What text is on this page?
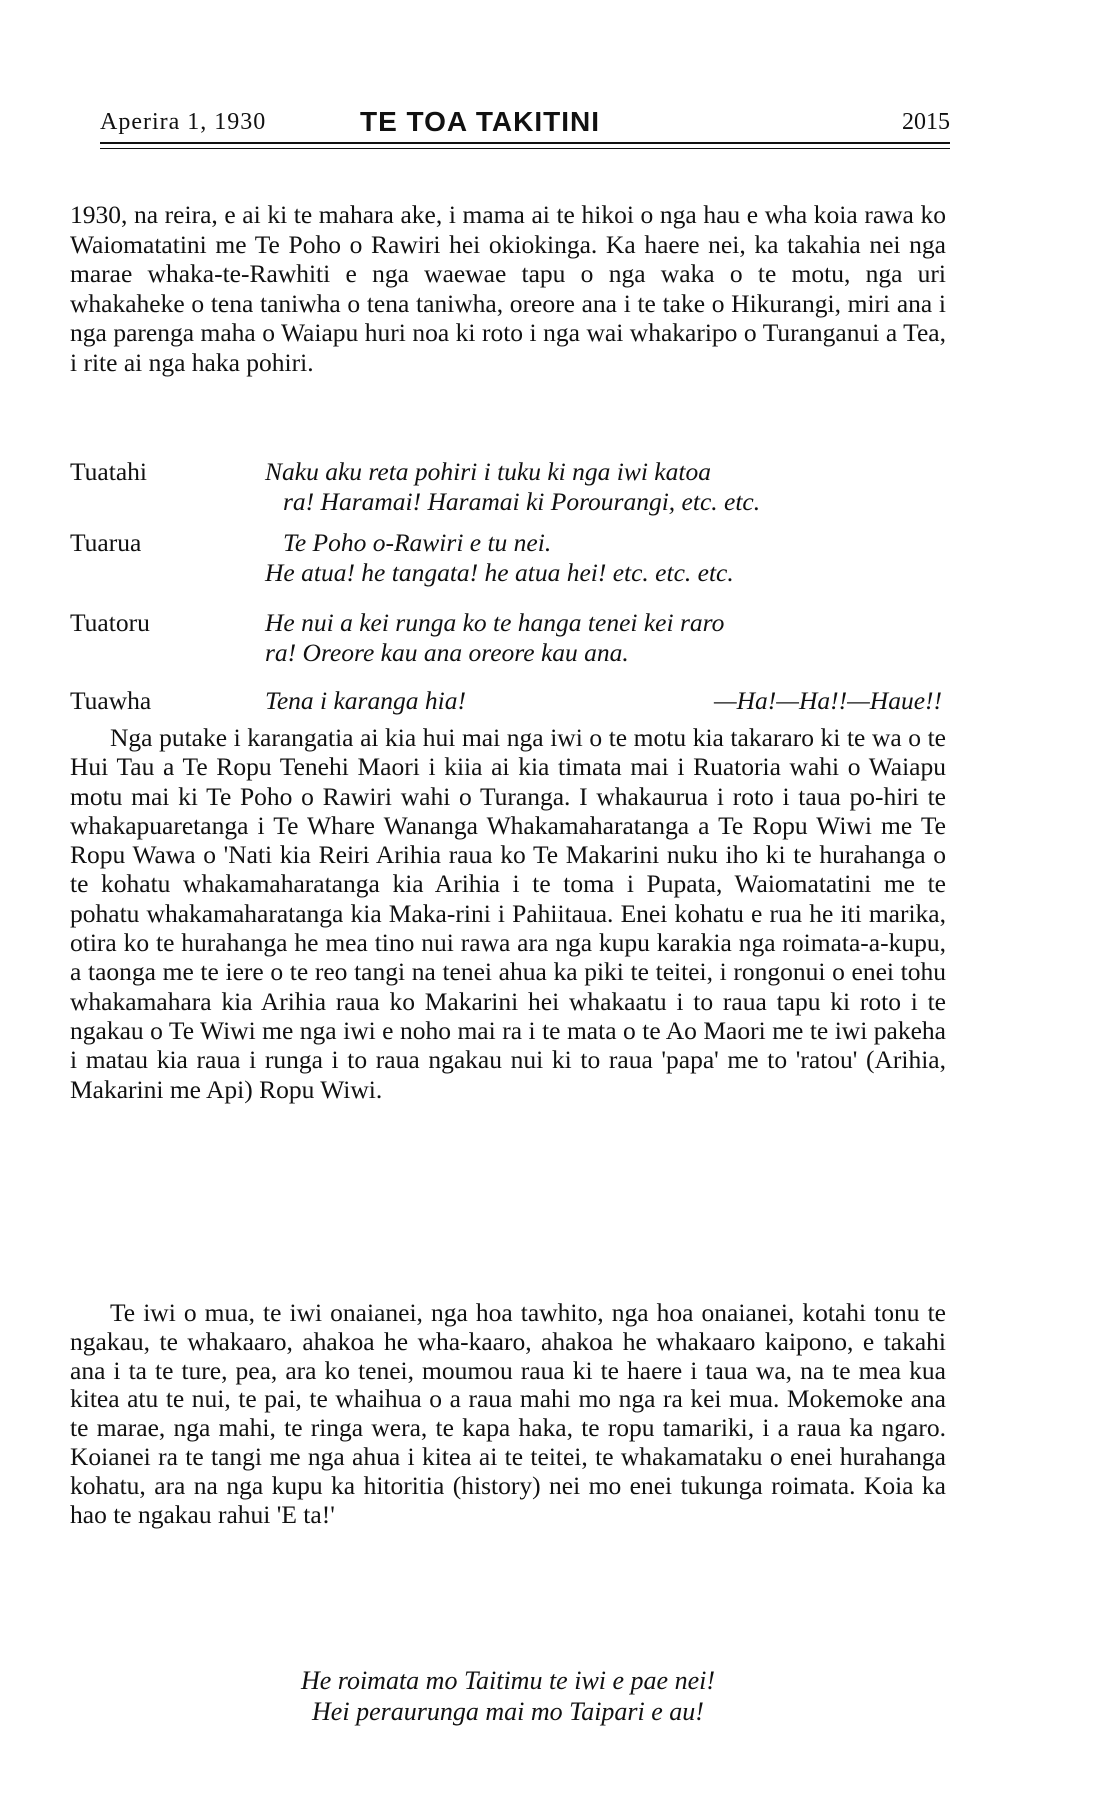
Aperira 1, 1930	TE TOA TAKITINI	2015
1930, na reira, e ai ki te mahara ake, i mama ai te hikoi o nga hau e wha koia rawa ko Waiomatatini me Te Poho o Rawiri hei okiokinga. Ka haere nei, ka takahia nei nga marae whaka-te-Rawhiti e nga waewae tapu o nga waka o te motu, nga uri whakaheke o tena taniwha o tena taniwha, oreore ana i te take o Hikurangi, miri ana i nga parenga maha o Waiapu huri noa ki roto i nga wai whakaripo o Turanganui a Tea, i rite ai nga haka pohiri.
Tuatahi	Naku aku reta pohiri i tuku ki nga iwi katoa
ra! Haramai! Haramai ki Porourangi, etc. etc.
Tuarua	Te Poho o-Rawiri e tu nei.
He atua! he tangata! he atua hei! etc. etc. etc.
Tuatoru	He nui a kei runga ko te hanga tenei kei raro
ra! Oreore kau ana oreore kau ana.
Tuawha	Tena i karanga hia!	—Ha!—Ha!!—Haue!!
Nga putake i karangatia ai kia hui mai nga iwi o te motu kia takararo ki te wa o te Hui Tau a Te Ropu Tenehi Maori i kiia ai kia timata mai i Ruatoria wahi o Waiapu motu mai ki Te Poho o Rawiri wahi o Turanga. I whakaurua i roto i taua po-hiri te whakapuaretanga i Te Whare Wananga Whakamaharatanga a Te Ropu Wiwi me Te Ropu Wawa o 'Nati kia Reiri Arihia raua ko Te Makarini nuku iho ki te hurahanga o te kohatu whakamaharatanga kia Arihia i te toma i Pupata, Waiomatatini me te pohatu whakamaharatanga kia Maka-rini i Pahiitaua. Enei kohatu e rua he iti marika, otira ko te hurahanga he mea tino nui rawa ara nga kupu karakia nga roimata-a-kupu, a taonga me te iere o te reo tangi na tenei ahua ka piki te teitei, i rongonui o enei tohu whakamahara kia Arihia raua ko Makarini hei whakaatu i to raua tapu ki roto i te ngakau o Te Wiwi me nga iwi e noho mai ra i te mata o te Ao Maori me te iwi pakeha i matau kia raua i runga i to raua ngakau nui ki to raua 'papa' me to 'ratou' (Arihia, Makarini me Api) Ropu Wiwi.
Te iwi o mua, te iwi onaianei, nga hoa tawhito, nga hoa onaianei, kotahi tonu te ngakau, te whakaaro, ahakoa he wha-kaaro, ahakoa he whakaaro kaipono, e takahi ana i ta te ture, pea, ara ko tenei, moumou raua ki te haere i taua wa, na te mea kua kitea atu te nui, te pai, te whaihua o a raua mahi mo nga ra kei mua. Mokemoke ana te marae, nga mahi, te ringa wera, te kapa haka, te ropu tamariki, i a raua ka ngaro. Koianei ra te tangi me nga ahua i kitea ai te teitei, te whakamataku o enei hurahanga kohatu, ara na nga kupu ka hitoritia (history) nei mo enei tukunga roimata. Koia ka hao te ngakau rahui 'E ta!'
He roimata mo Taitimu te iwi e pae nei!
Hei peraurunga mai mo Taipari e au!
